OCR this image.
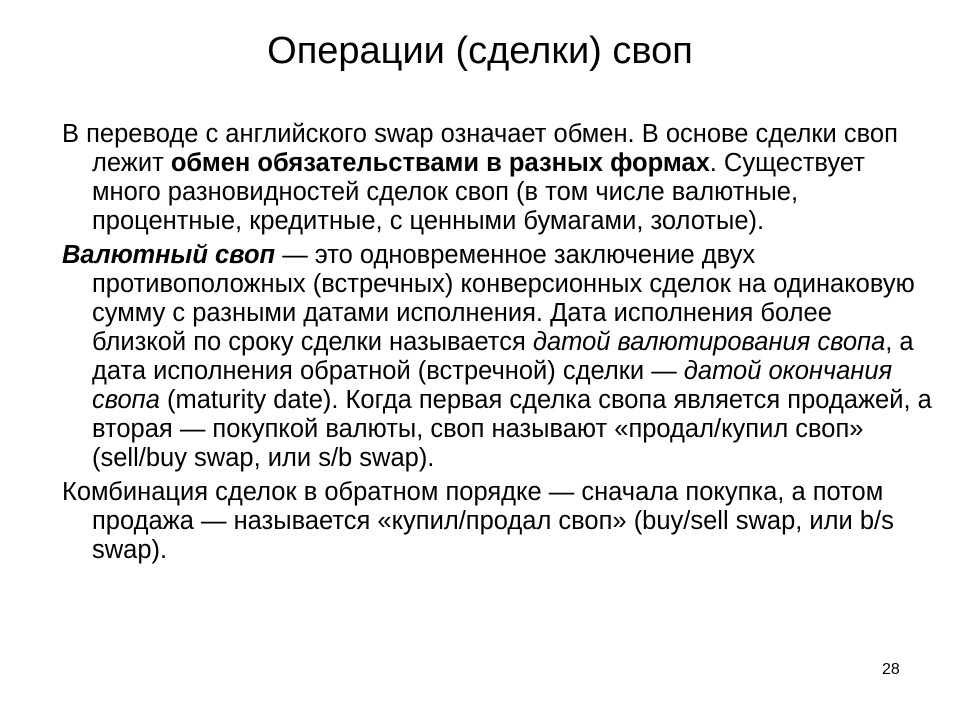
Операции (сделки) своп

В переводе с английского swap означает обмен. В основе сделки своп лежит обмен обязательствами в разных формах. Существует много разновидностей сделок своп (в том числе валютные, процентные, кредитные, с ценными бумагами, золотые).

Валютный своп — это одновременное заключение двух противоположных (встречных) конверсионных сделок на одинаковую сумму с разными датами исполнения. Дата исполнения более близкой по сроку сделки называется датой валютирования свопа, а дата исполнения обратной (встречной) сделки — датой окончания свопа (maturity date). Когда первая сделка свопа является продажей, а вторая — покупкой валюты, своп называют «продал/купил своп» (sell/buy swap, или s/b swap).

Комбинация сделок в обратном порядке — сначала покупка, а потом продажа — называется «купил/продал своп» (buy/sell swap, или b/s swap).

28
